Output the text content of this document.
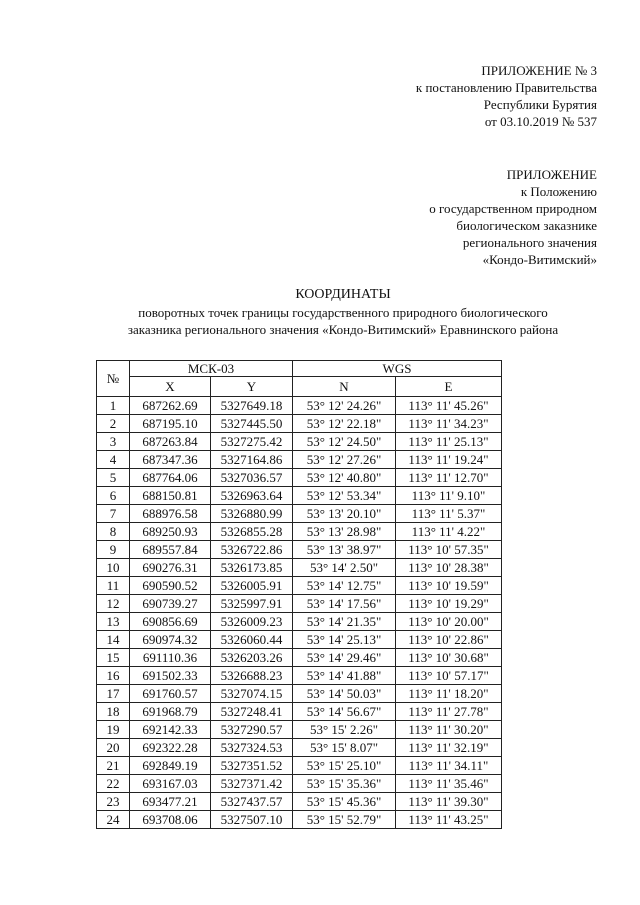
ПРИЛОЖЕНИЕ № 3
к постановлению Правительства
Республики Бурятия
от 03.10.2019 № 537
ПРИЛОЖЕНИЕ
к Положению
о государственном природном
биологическом заказнике
регионального значения
«Кондо-Витимский»
КООРДИНАТЫ
поворотных точек границы государственного природного биологического
заказника регионального значения «Кондо-Витимский» Еравнинского района
№	МСК-03		WGS	
	X	Y	N	E
1	687262.69	5327649.18	53° 12' 24.26"	113° 11' 45.26"
2	687195.10	5327445.50	53° 12' 22.18"	113° 11' 34.23"
3	687263.84	5327275.42	53° 12' 24.50"	113° 11' 25.13"
4	687347.36	5327164.86	53° 12' 27.26"	113° 11' 19.24"
5	687764.06	5327036.57	53° 12' 40.80"	113° 11' 12.70"
6	688150.81	5326963.64	53° 12' 53.34"	113° 11' 9.10"
7	688976.58	5326880.99	53° 13' 20.10"	113° 11' 5.37"
8	689250.93	5326855.28	53° 13' 28.98"	113° 11' 4.22"
9	689557.84	5326722.86	53° 13' 38.97"	113° 10' 57.35"
10	690276.31	5326173.85	53° 14' 2.50"	113° 10' 28.38"
11	690590.52	5326005.91	53° 14' 12.75"	113° 10' 19.59"
12	690739.27	5325997.91	53° 14' 17.56"	113° 10' 19.29"
13	690856.69	5326009.23	53° 14' 21.35"	113° 10' 20.00"
14	690974.32	5326060.44	53° 14' 25.13"	113° 10' 22.86"
15	691110.36	5326203.26	53° 14' 29.46"	113° 10' 30.68"
16	691502.33	5326688.23	53° 14' 41.88"	113° 10' 57.17"
17	691760.57	5327074.15	53° 14' 50.03"	113° 11' 18.20"
18	691968.79	5327248.41	53° 14' 56.67"	113° 11' 27.78"
19	692142.33	5327290.57	53° 15' 2.26"	113° 11' 30.20"
20	692322.28	5327324.53	53° 15' 8.07"	113° 11' 32.19"
21	692849.19	5327351.52	53° 15' 25.10"	113° 11' 34.11"
22	693167.03	5327371.42	53° 15' 35.36"	113° 11' 35.46"
23	693477.21	5327437.57	53° 15' 45.36"	113° 11' 39.30"
24	693708.06	5327507.10	53° 15' 52.79"	113° 11' 43.25"
